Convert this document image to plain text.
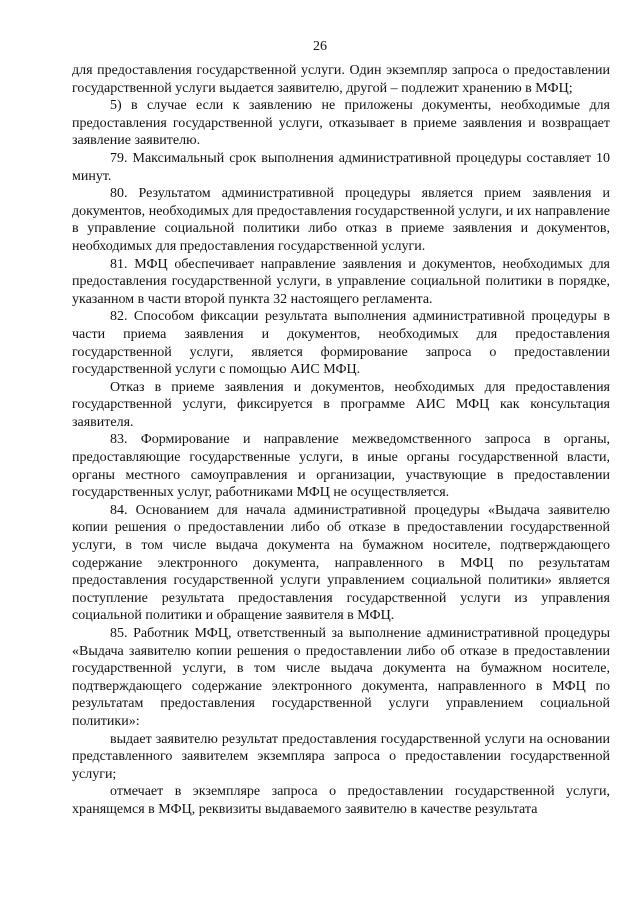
26

для предоставления государственной услуги. Один экземпляр запроса о предоставлении государственной услуги выдается заявителю, другой – подлежит хранению в МФЦ;

5) в случае если к заявлению не приложены документы, необходимые для предоставления государственной услуги, отказывает в приеме заявления и возвращает заявление заявителю.

79. Максимальный срок выполнения административной процедуры составляет 10 минут.

80. Результатом административной процедуры является прием заявления и документов, необходимых для предоставления государственной услуги, и их направление в управление социальной политики либо отказ в приеме заявления и документов, необходимых для предоставления государственной услуги.

81. МФЦ обеспечивает направление заявления и документов, необходимых для предоставления государственной услуги, в управление социальной политики в порядке, указанном в части второй пункта 32 настоящего регламента.

82. Способом фиксации результата выполнения административной процедуры в части приема заявления и документов, необходимых для предоставления государственной услуги, является формирование запроса о предоставлении государственной услуги с помощью АИС МФЦ.

Отказ в приеме заявления и документов, необходимых для предоставления государственной услуги, фиксируется в программе АИС МФЦ как консультация заявителя.

83. Формирование и направление межведомственного запроса в органы, предоставляющие государственные услуги, в иные органы государственной власти, органы местного самоуправления и организации, участвующие в предоставлении государственных услуг, работниками МФЦ не осуществляется.

84. Основанием для начала административной процедуры «Выдача заявителю копии решения о предоставлении либо об отказе в предоставлении государственной услуги, в том числе выдача документа на бумажном носителе, подтверждающего содержание электронного документа, направленного в МФЦ по результатам предоставления государственной услуги управлением социальной политики» является поступление результата предоставления государственной услуги из управления социальной политики и обращение заявителя в МФЦ.

85. Работник МФЦ, ответственный за выполнение административной процедуры «Выдача заявителю копии решения о предоставлении либо об отказе в предоставлении государственной услуги, в том числе выдача документа на бумажном носителе, подтверждающего содержание электронного документа, направленного в МФЦ по результатам предоставления государственной услуги управлением социальной политики»:

выдает заявителю результат предоставления государственной услуги на основании представленного заявителем экземпляра запроса о предоставлении государственной услуги;

отмечает в экземпляре запроса о предоставлении государственной услуги, хранящемся в МФЦ, реквизиты выдаваемого заявителю в качестве результата
